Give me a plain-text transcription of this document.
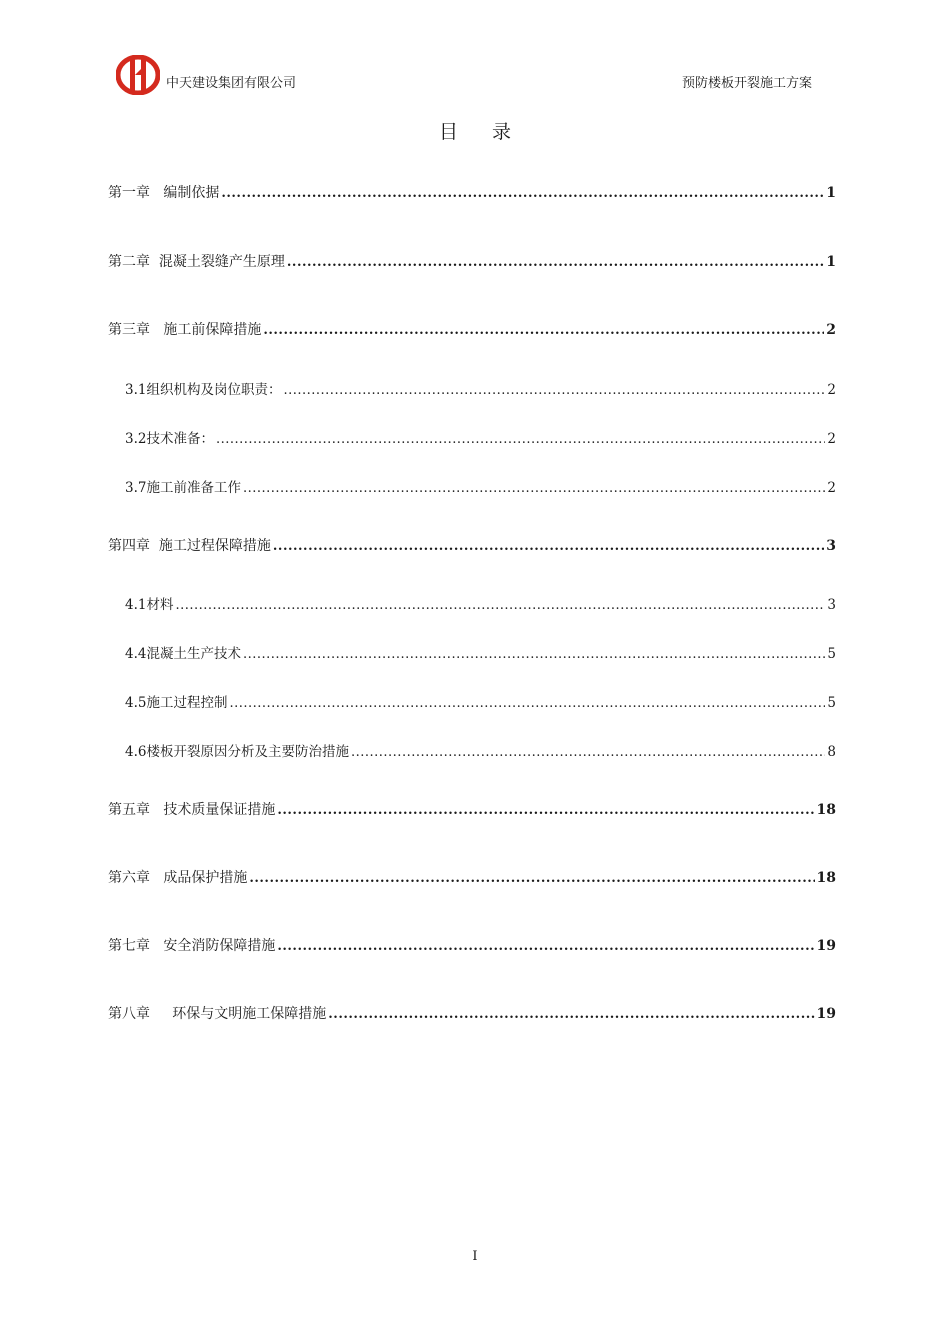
中天建设集团有限公司	预防楼板开裂施工方案
目录
第一章   编制依据 .....	1
第二章  混凝土裂缝产生原理 .....	1
第三章   施工前保障措施 .....	2
3.1组织机构及岗位职责： .....	2
3.2技术准备： .....	2
3.7施工前准备工作 .....	2
第四章  施工过程保障措施 .....	3
4.1材料 .....	3
4.4混凝土生产技术 .....	5
4.5施工过程控制 .....	5
4.6楼板开裂原因分析及主要防治措施 .....	8
第五章   技术质量保证措施 .....	18
第六章   成品保护措施 .....	18
第七章   安全消防保障措施 .....	19
第八章     环保与文明施工保障措施 .....	19
I
